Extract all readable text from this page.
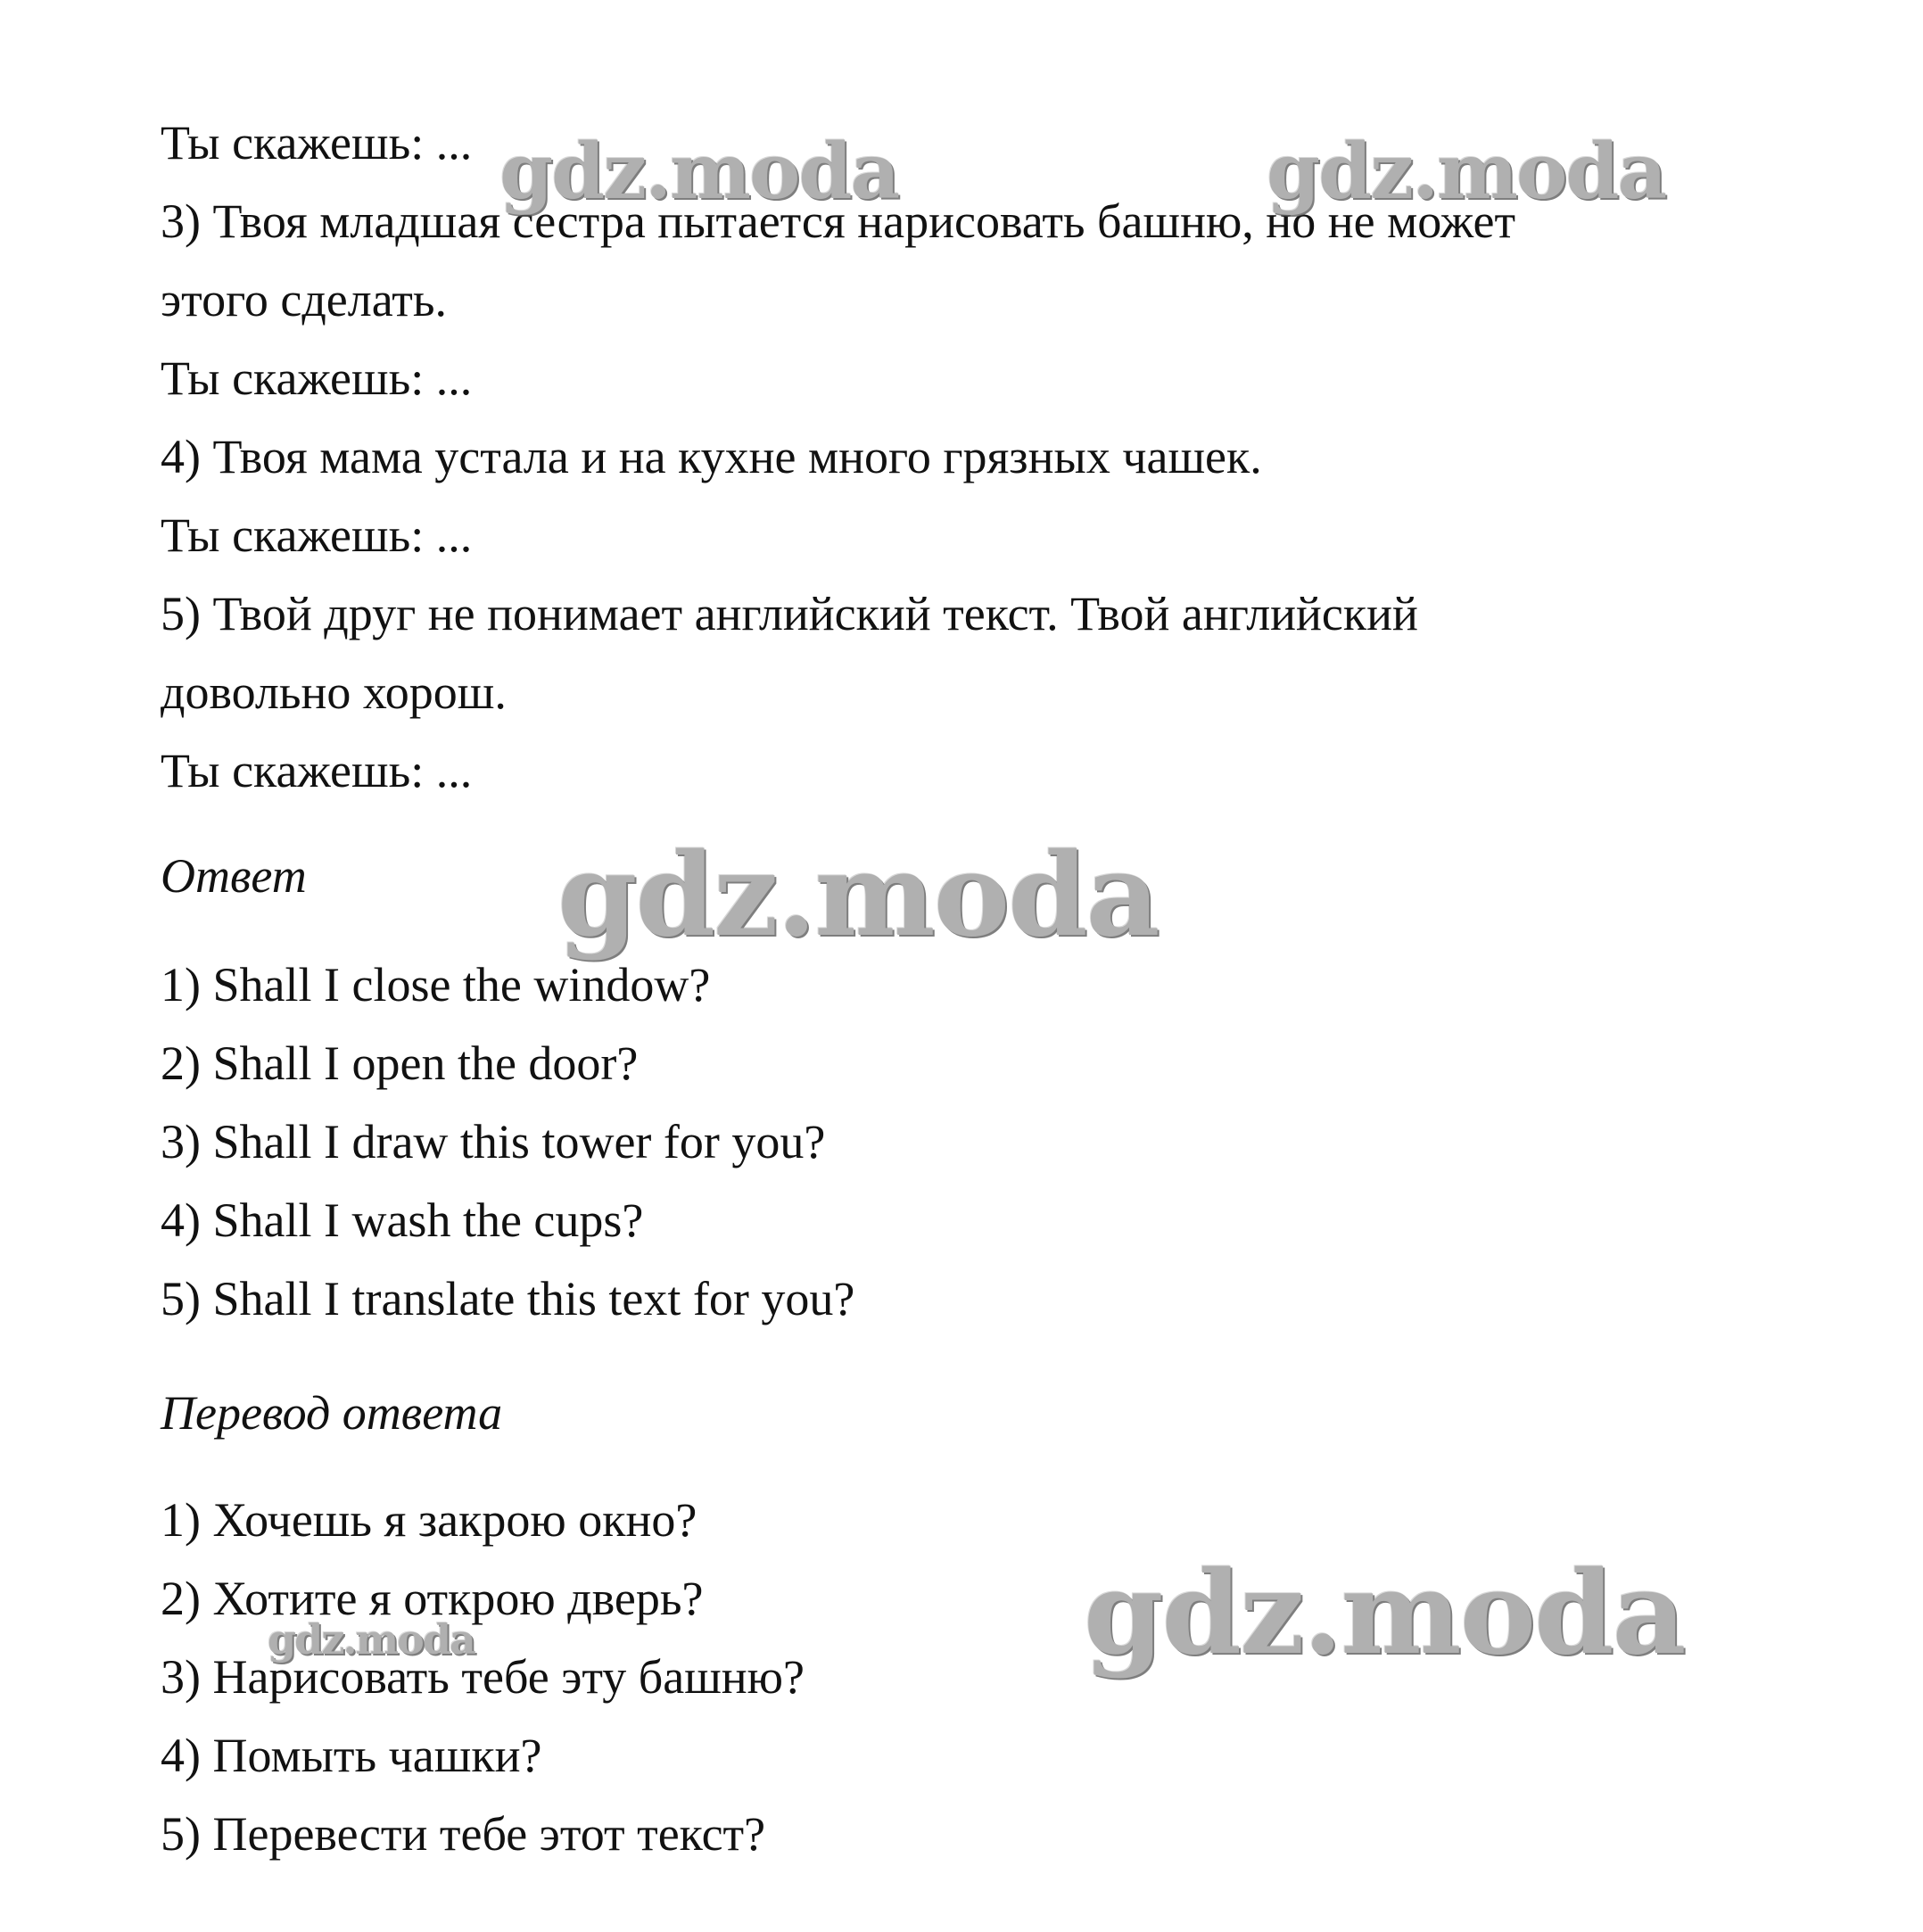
Ты скажешь: ...

3) Твоя младшая сестра пытается нарисовать башню, но не может

этого сделать.

Ты скажешь: ...

4) Твоя мама устала и на кухне много грязных чашек.

Ты скажешь: ...

5) Твой друг не понимает английский текст. Твой английский

довольно хорош.

Ты скажешь: ...

Ответ

1) Shall I close the window?

2) Shall I open the door?

3) Shall I draw this tower for you?

4) Shall I wash the cups?

5) Shall I translate this text for you?

Перевод ответа

1) Хочешь я закрою окно?

2) Хотите я открою дверь?

3) Нарисовать тебе эту башню?

4) Помыть чашки?

5) Перевести тебе этот текст?

gdz.moda	gdz.moda
gdz.moda
gdz.moda
gdz.moda
